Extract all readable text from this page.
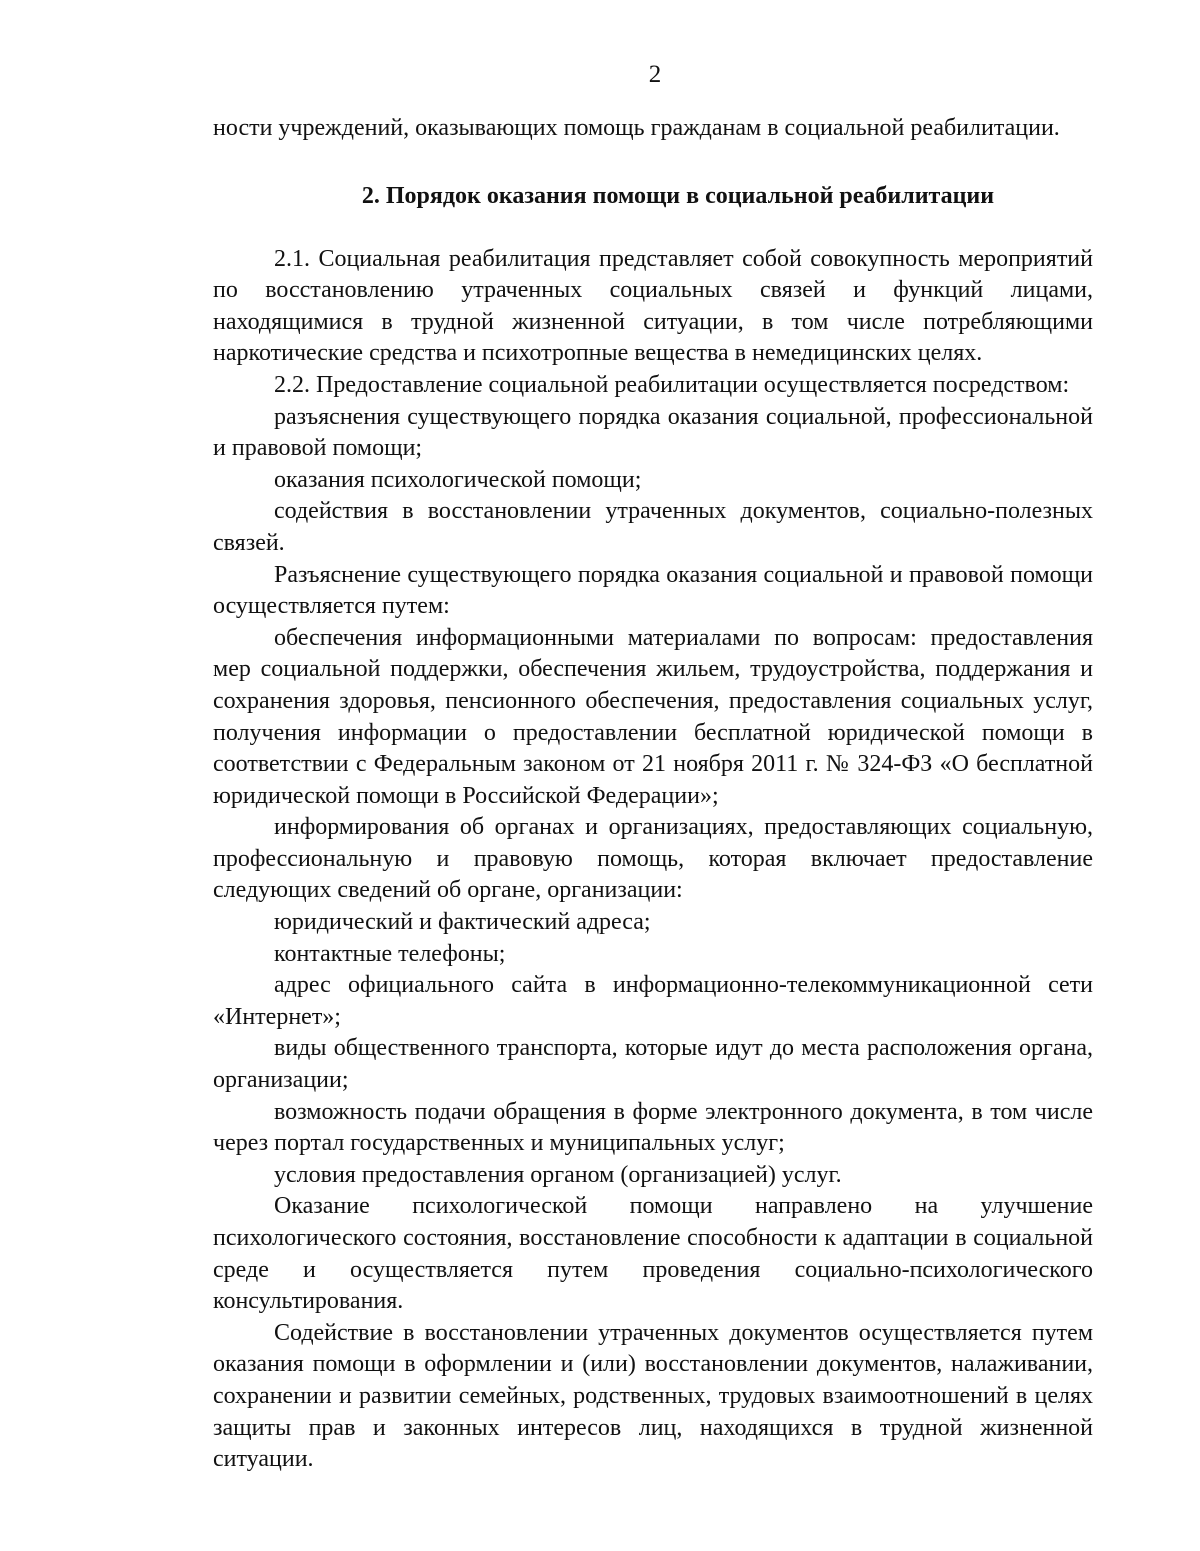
2

ности учреждений, оказывающих помощь гражданам в социальной реабилитации.

2. Порядок оказания помощи в социальной реабилитации

2.1. Социальная реабилитация представляет собой совокупность мероприятий по восстановлению утраченных социальных связей и функций лицами, находящимися в трудной жизненной ситуации, в том числе потребляющими наркотические средства и психотропные вещества в немедицинских целях.

2.2. Предоставление социальной реабилитации осуществляется посредством:

разъяснения существующего порядка оказания социальной, профессиональной и правовой помощи;

оказания психологической помощи;

содействия в восстановлении утраченных документов, социально-полезных связей.

Разъяснение существующего порядка оказания социальной и правовой помощи осуществляется путем:

обеспечения информационными материалами по вопросам: предоставления мер социальной поддержки, обеспечения жильем, трудоустройства, поддержания и сохранения здоровья, пенсионного обеспечения, предоставления социальных услуг, получения информации о предоставлении бесплатной юридической помощи в соответствии с Федеральным законом от 21 ноября 2011 г. № 324-ФЗ «О бесплатной юридической помощи в Российской Федерации»;

информирования об органах и организациях, предоставляющих социальную, профессиональную и правовую помощь, которая включает предоставление следующих сведений об органе, организации:

юридический и фактический адреса;

контактные телефоны;

адрес официального сайта в информационно-телекоммуникационной сети «Интернет»;

виды общественного транспорта, которые идут до места расположения органа, организации;

возможность подачи обращения в форме электронного документа, в том числе через портал государственных и муниципальных услуг;

условия предоставления органом (организацией) услуг.

Оказание психологической помощи направлено на улучшение психологического состояния, восстановление способности к адаптации в социальной среде и осуществляется путем проведения социально-психологического консультирования.

Содействие в восстановлении утраченных документов осуществляется путем оказания помощи в оформлении и (или) восстановлении документов, налаживании, сохранении и развитии семейных, родственных, трудовых взаимоотношений в целях защиты прав и законных интересов лиц, находящихся в трудной жизненной ситуации.
